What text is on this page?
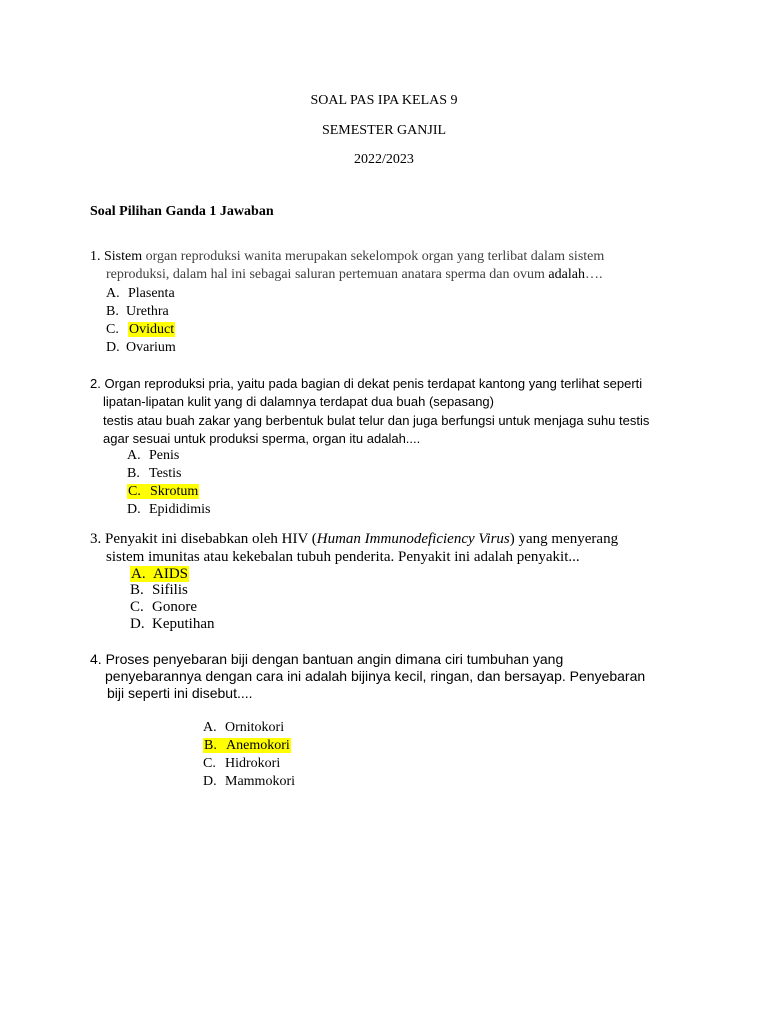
SOAL PAS IPA KELAS 9
SEMESTER GANJIL
2022/2023
Soal Pilihan Ganda 1 Jawaban
1. Sistem organ reproduksi wanita merupakan sekelompok organ yang terlibat dalam sistem
reproduksi, dalam hal ini sebagai saluran pertemuan anatara sperma dan ovum adalah….
A. Plasenta
B. Urethra
C. Oviduct
D. Ovarium
2. Organ reproduksi pria, yaitu pada bagian di dekat penis terdapat kantong yang terlihat seperti
lipatan-lipatan kulit yang di dalamnya terdapat dua buah (sepasang)
testis atau buah zakar yang berbentuk bulat telur dan juga berfungsi untuk menjaga suhu testis
agar sesuai untuk produksi sperma, organ itu adalah....
A. Penis
B. Testis
C. Skrotum
D. Epididimis
3. Penyakit ini disebabkan oleh HIV (Human Immunodeficiency Virus) yang menyerang
sistem imunitas atau kekebalan tubuh penderita. Penyakit ini adalah penyakit...
A. AIDS
B. Sifilis
C. Gonore
D. Keputihan
4. Proses penyebaran biji dengan bantuan angin dimana ciri tumbuhan yang
penyebarannya dengan cara ini adalah bijinya kecil, ringan, dan bersayap. Penyebaran
biji seperti ini disebut....
A. Ornitokori
B. Anemokori
C. Hidrokori
D. Mammokori
